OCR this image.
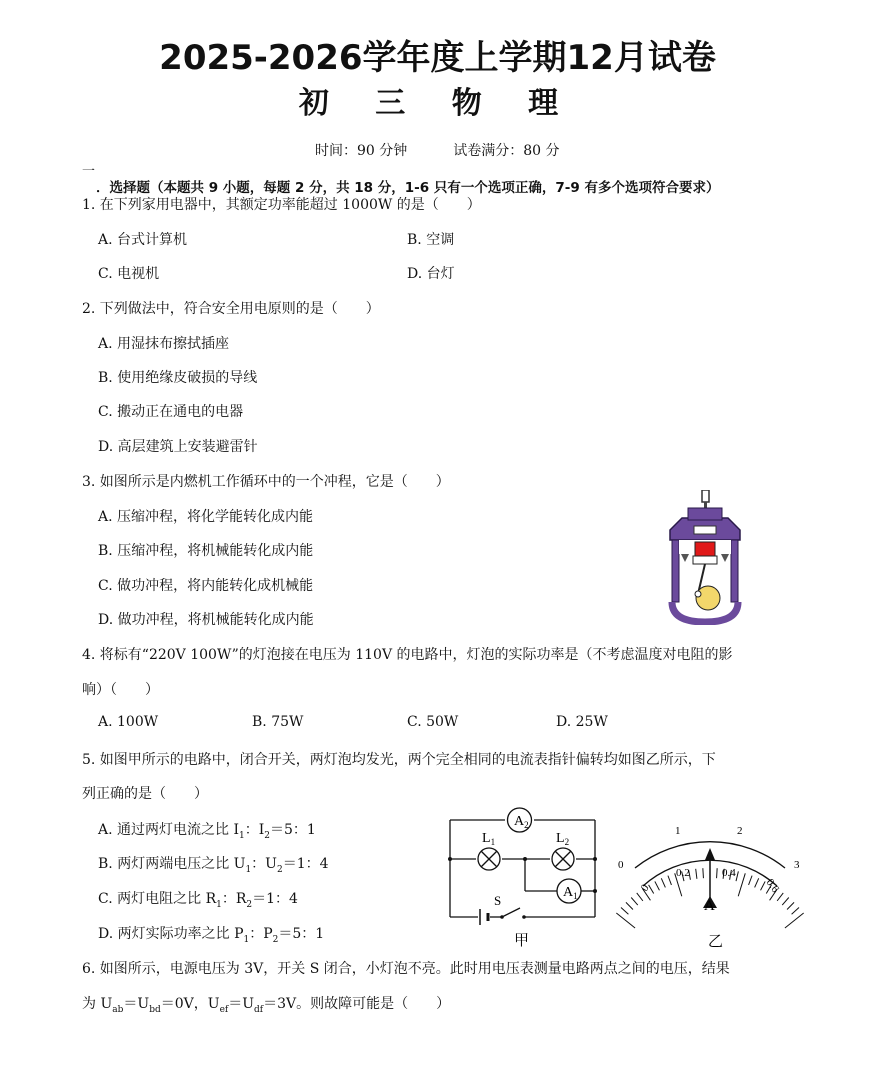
2025-2026学年度上学期12月试卷
初 三 物 理
时间：90 分钟	试卷满分：80 分
一
．选择题（本题共 9 小题，每题 2 分，共 18 分，1-6 只有一个选项正确，7-9 有多个选项符合要求）
1. 在下列家用电器中，其额定功率能超过 1000W 的是（　　）
A. 台式计算机	B. 空调
C. 电视机	D. 台灯
2. 下列做法中，符合安全用电原则的是（　　）
A. 用湿抹布擦拭插座
B. 使用绝缘皮破损的导线
C. 搬动正在通电的电器
D. 高层建筑上安装避雷针
3. 如图所示是内燃机工作循环中的一个冲程，它是（　　）
A. 压缩冲程，将化学能转化成内能
B. 压缩冲程，将机械能转化成内能
C. 做功冲程，将内能转化成机械能
D. 做功冲程，将机械能转化成内能
4. 将标有“220V 100W”的灯泡接在电压为 110V 的电路中，灯泡的实际功率是（不考虑温度对电阻的影
响）（　　）
A. 100W	B. 75W	C. 50W	D. 25W
5. 如图甲所示的电路中，闭合开关，两灯泡均发光，两个完全相同的电流表指针偏转均如图乙所示，下
列正确的是（　　）
A. 通过两灯电流之比 $I_1$：$I_2=5$：1
B. 两灯两端电压之比 $U_1$：$U_2=1$：4
C. 两灯电阻之比 $R_1$：$R_2=1$：4
D. 两灯实际功率之比 $P_1$：$P_2=5$：1
$A_2$
$A_1$
$L_1$	$L_2$
S
甲
0
0.2	0.4
0.6
0
1	2
3
A
乙
6. 如图所示，电源电压为 3V，开关 S 闭合，小灯泡不亮。此时用电压表测量电路两点之间的电压，结果
为 $U_{ab}=U_{bd}=0V$，$U_{ef}=U_{df}=3V$。则故障可能是（　　）
